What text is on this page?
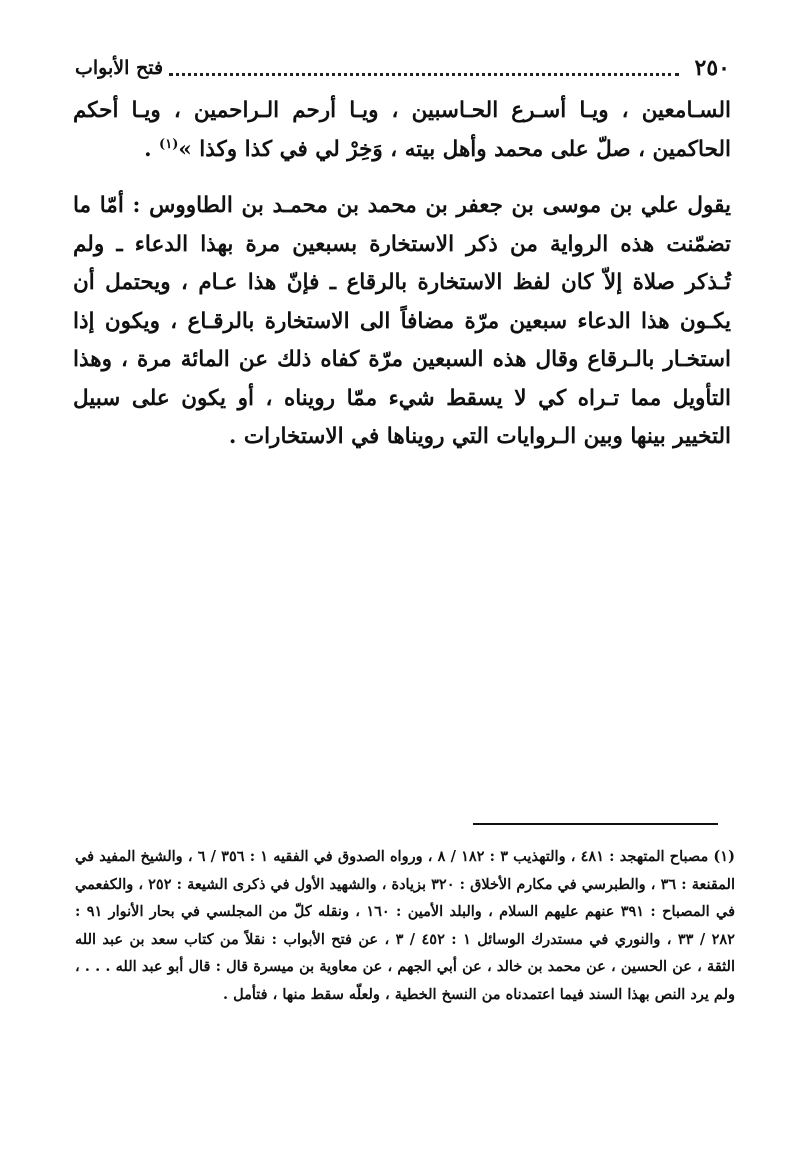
٢٥٠
فتح الأبواب

السـامعين ، ويـا أسـرع الحـاسبين ، ويـا أرحم الـراحمين ، ويـا أحكم الحاكمين ، صلّ على محمد وأهل بيته ، وَخِرْ لي في كذا وكذا »$^{(١)}$ .

يقول علي بن موسى بن جعفر بن محمد بن محمـد بن الطاووس : أمّا ما تضمّنت هذه الرواية من ذكر الاستخارة بسبعين مرة بهذا الدعاء ـ ولم تُـذكر صلاة إلاّ كان لفظ الاستخارة بالرقاع ـ فإنّ هذا عـام ، ويحتمل أن يكـون هذا الدعاء سبعين مرّة مضافاً الى الاستخارة بالرقـاع ، ويكون إذا استخـار بالـرقاع وقال هذه السبعين مرّة كفاه ذلك عن المائة مرة ، وهذا التأويل مما تـراه كي لا يسقط شيء ممّا رويناه ، أو يكون على سبيل التخيير بينها وبين الـروايات التي رويناها في الاستخارات .

(١) مصباح المتهجد : ٤٨١ ، والتهذيب ٣ : ١٨٢ / ٨ ، ورواه الصدوق في الفقيه ١ : ٣٥٦ / ٦ ، والشيخ المفيد في المقنعة : ٣٦ ، والطبرسي في مكارم الأخلاق : ٣٢٠ بزيادة ، والشهيد الأول في ذكرى الشيعة : ٢٥٢ ، والكفعمي في المصباح : ٣٩١ عنهم عليهم السلام ، والبلد الأمين : ١٦٠ ، ونقله كلّ من المجلسي في بحار الأنوار ٩١ : ٢٨٢ / ٣٣ ، والنوري في مستدرك الوسائل ١ : ٤٥٢ / ٣ ، عن فتح الأبواب : نقلاً من كتاب سعد بن عبد الله الثقة ، عن الحسين ، عن محمد بن خالد ، عن أبي الجهم ، عن معاوية بن ميسرة قال : قال أبو عبد الله . . . ، ولم يرد النص بهذا السند فيما اعتمدناه من النسخ الخطية ، ولعلّه سقط منها ، فتأمل .
